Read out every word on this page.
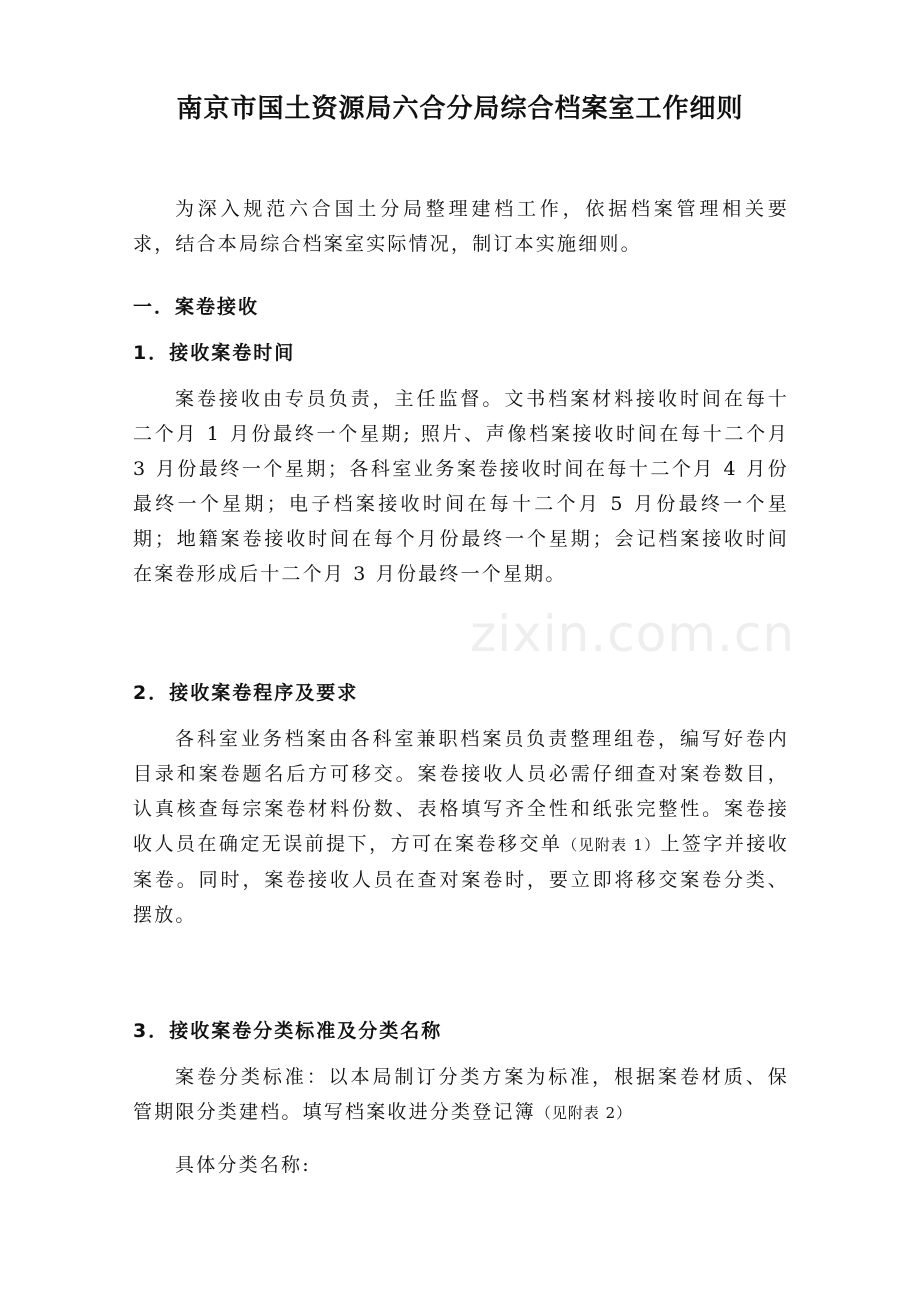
南京市国土资源局六合分局综合档案室工作细则

为深入规范六合国土分局整理建档工作，依据档案管理相关要求，结合本局综合档案室实际情况，制订本实施细则。

一．案卷接收

1．接收案卷时间

案卷接收由专员负责，主任监督。文书档案材料接收时间在每十二个月 1 月份最终一个星期; 照片、声像档案接收时间在每十二个月 3 月份最终一个星期；各科室业务案卷接收时间在每十二个月 4 月份最终一个星期；电子档案接收时间在每十二个月 5 月份最终一个星期；地籍案卷接收时间在每个月份最终一个星期；会记档案接收时间在案卷形成后十二个月 3 月份最终一个星期。

2．接收案卷程序及要求

各科室业务档案由各科室兼职档案员负责整理组卷，编写好卷内目录和案卷题名后方可移交。案卷接收人员必需仔细查对案卷数目，认真核查每宗案卷材料份数、表格填写齐全性和纸张完整性。案卷接收人员在确定无误前提下，方可在案卷移交单（见附表 1）上签字并接收案卷。同时，案卷接收人员在查对案卷时，要立即将移交案卷分类、摆放。

3．接收案卷分类标准及分类名称

案卷分类标准：以本局制订分类方案为标准，根据案卷材质、保管期限分类建档。填写档案收进分类登记簿（见附表 2）

具体分类名称:

zixin.com.cn
